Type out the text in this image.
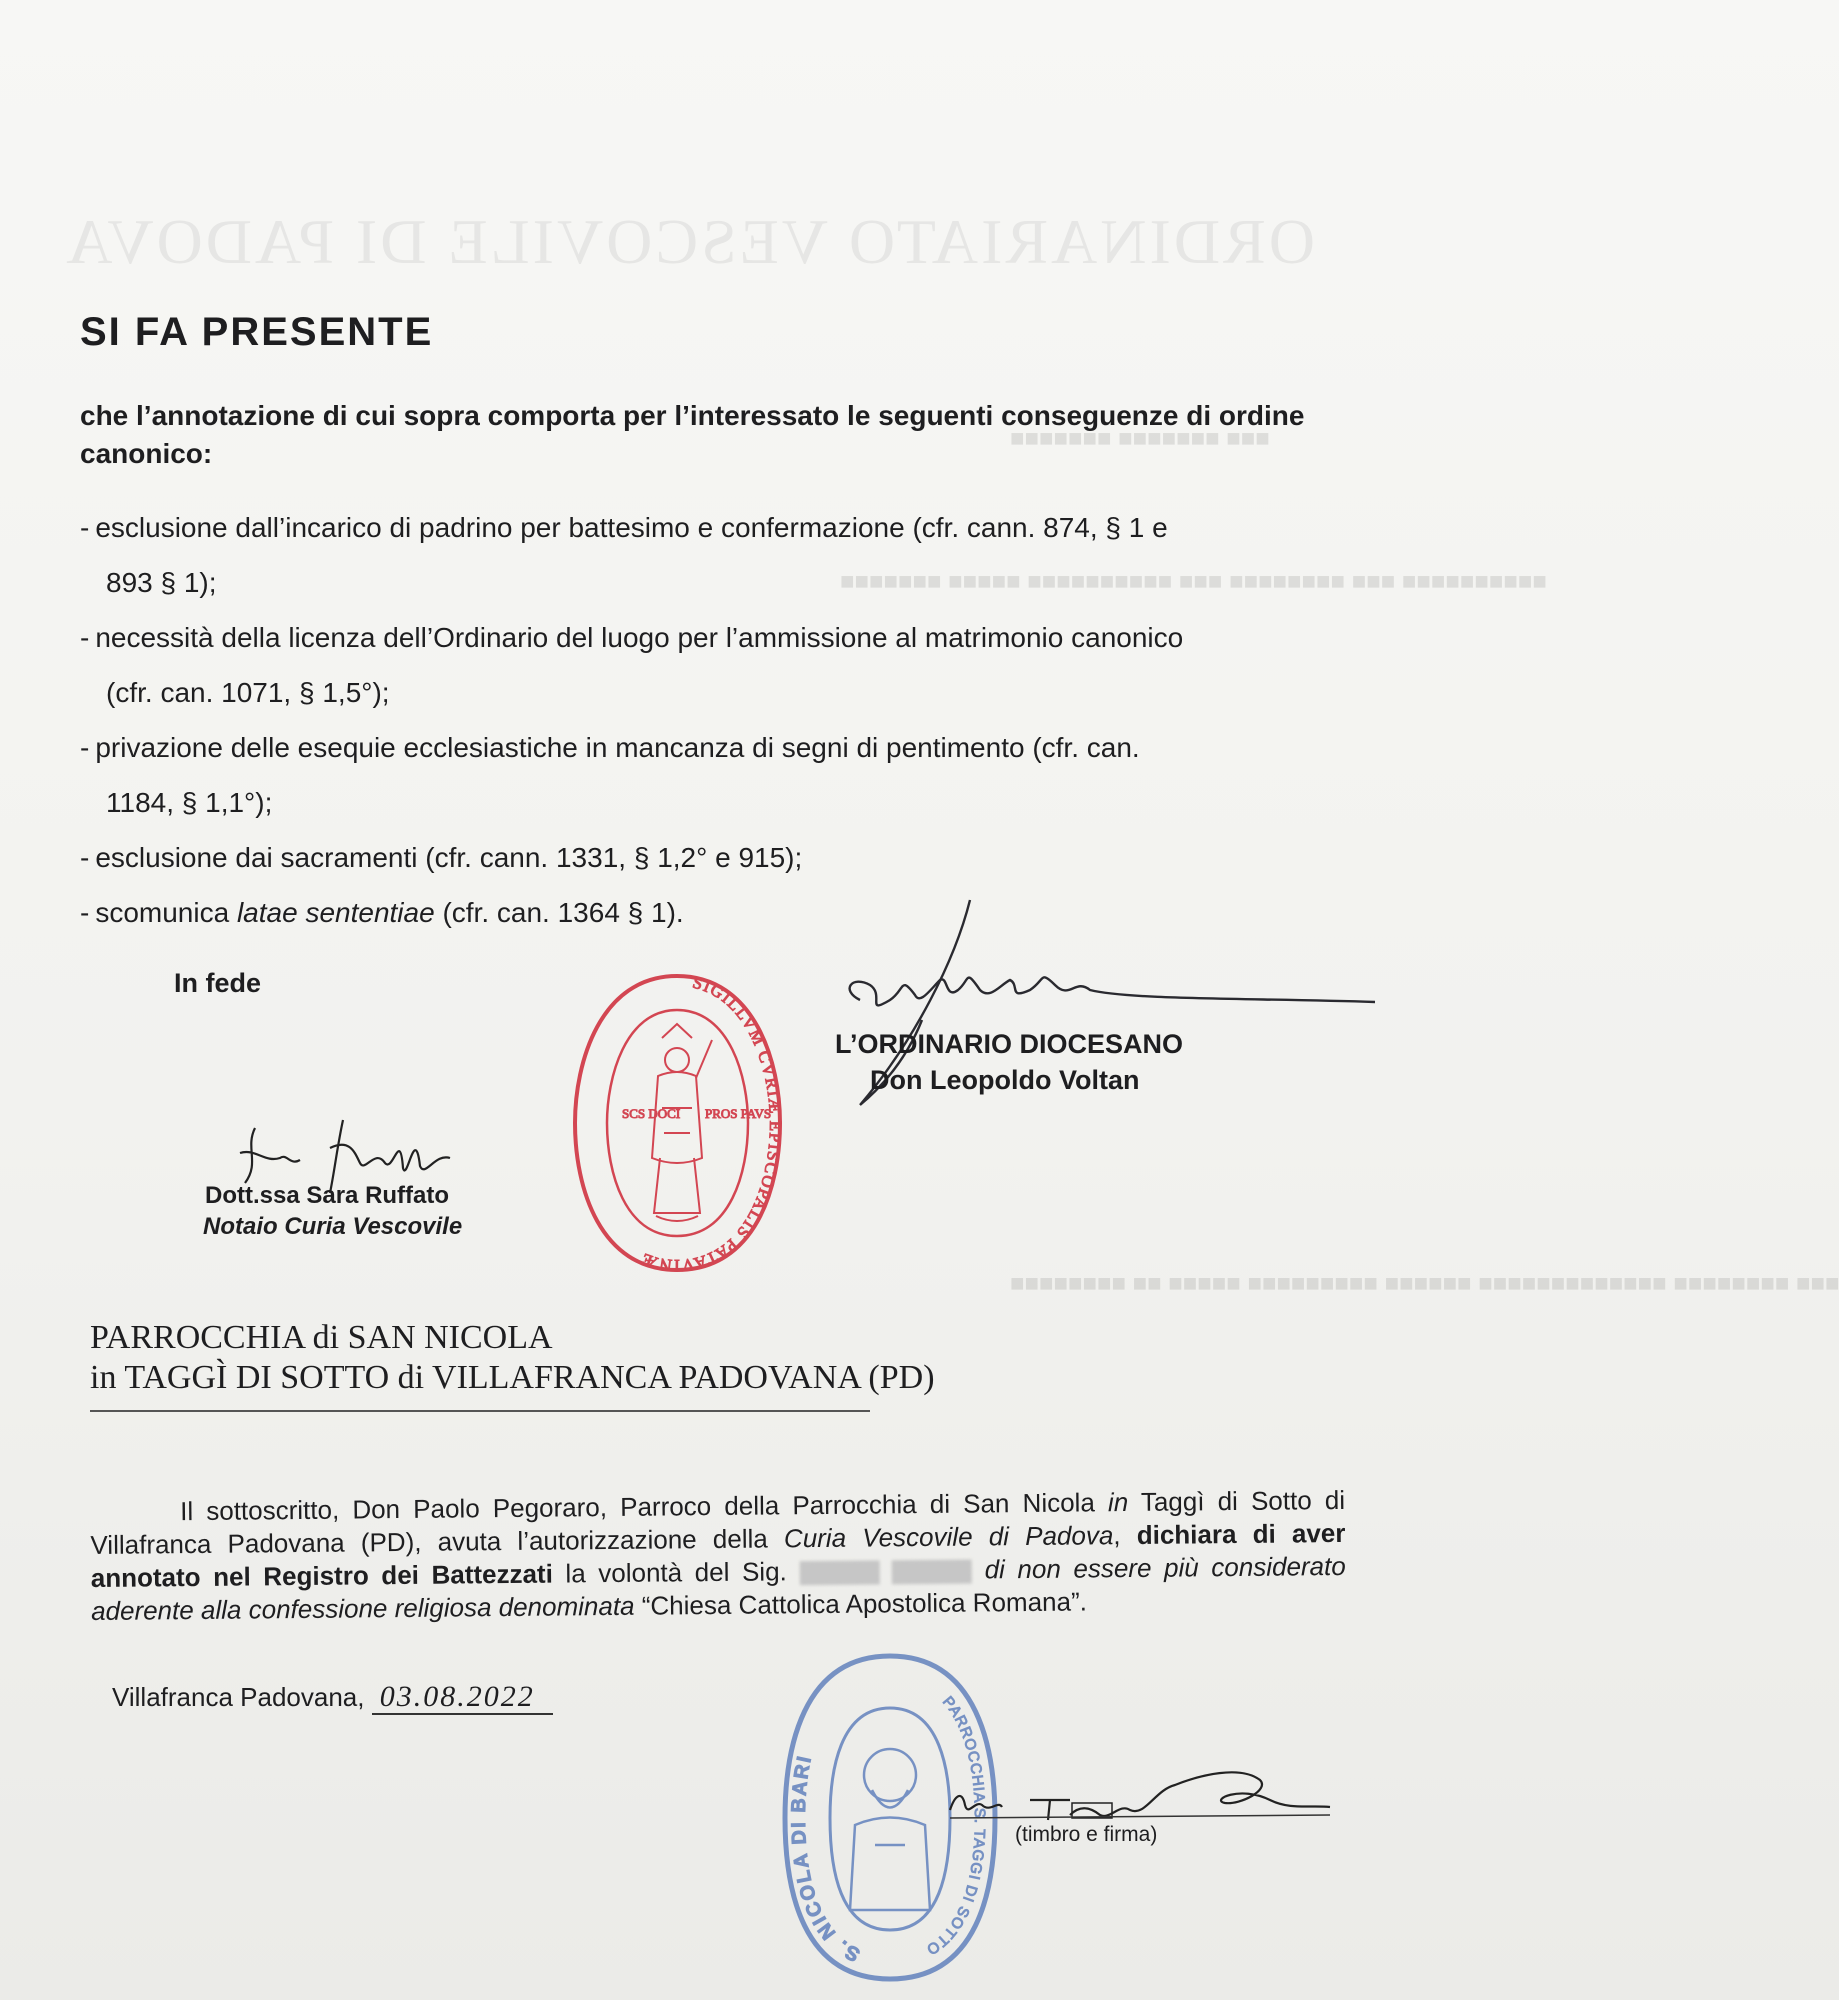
ORDINARIATO VESCOVILE DI PADOVA
■■■ ■■■■■■■ ■■■■■■■
■■■■■■■■■■ ■■■ ■■■■■■■■ ■■■ ■■■■■■■■■■ ■■■■■ ■■■■■■■
■■■ ■■■■■■■■ ■■■■■■■■■■■■■ ■■■■■■ ■■■■■■■■■ ■■■■■ ■■ ■■■■■■■■
SI FA PRESENTE

che l’annotazione di cui sopra comporta per l’interessato le seguenti conseguenze di ordine canonico:

- esclusione dall’incarico di padrino per battesimo e confermazione (cfr. cann. 874, § 1 e
893 § 1);
- necessità della licenza dell’Ordinario del luogo per l’ammissione al matrimonio canonico
(cfr. can. 1071, § 1,5°);
- privazione delle esequie ecclesiastiche in mancanza di segni di pentimento (cfr. can.
1184, § 1,1°);
- esclusione dai sacramenti (cfr. cann. 1331, § 1,2° e 915);
- scomunica latae sententiae (cfr. can. 1364 § 1).
In fede	SIGILLVM CVRIÆ EPISCOPALIS PATAVINÆ
SCS DOCI PROS PAVS
L’ORDINARIO DIOCESANO
Don Leopoldo Voltan
Dott.ssa Sara Ruffato
Notaio Curia Vescovile
PARROCCHIA di SAN NICOLA
in TAGGÌ DI SOTTO di VILLAFRANCA PADOVANA (PD)
Il sottoscritto, Don Paolo Pegoraro, Parroco della Parrocchia di San Nicola in Taggì di Sotto di Villafranca Padovana (PD), avuta l’autorizzazione della Curia Vescovile di Padova, dichiara di aver annotato nel Registro dei Battezzati la volontà del Sig.	di non essere più considerato aderente alla confessione religiosa denominata “Chiesa Cattolica Apostolica Romana”.
Villafranca Padovana, 03.08.2022
S. NICOLA DI BARI
PARROCCHIA S. TAGGI DI SOTTO
(timbro e firma)
